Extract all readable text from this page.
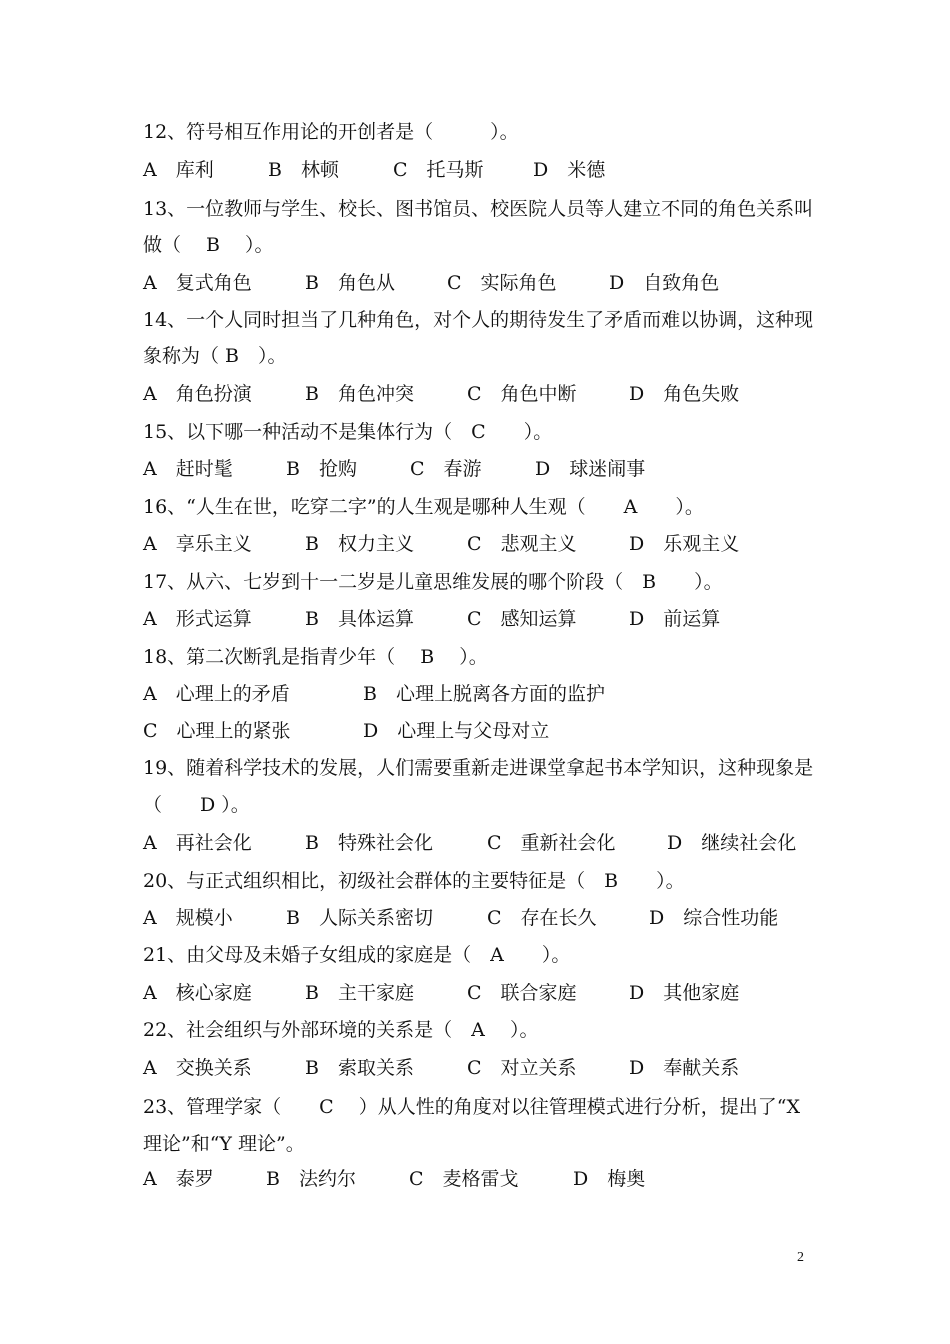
12、符号相互作用论的开创者是（　　　）。
A　库利	B　林顿	C　托马斯	D　米德
13、一位教师与学生、校长、图书馆员、校医院人员等人建立不同的角色关系叫
做（　 B 　）。
A　复式角色	B　角色从	C　实际角色	D　自致角色
14、一个人同时担当了几种角色，对个人的期待发生了矛盾而难以协调，这种现
象称为（ B　）。
A　角色扮演	B　角色冲突	C　角色中断	D　角色失败
15、以下哪一种活动不是集体行为（　C　　）。
A　赶时髦	B　抢购	C　春游	D　球迷闹事
16、“人生在世，吃穿二字”的人生观是哪种人生观（　　A　　）。
A　享乐主义	B　权力主义	C　悲观主义	D　乐观主义
17、从六、七岁到十一二岁是儿童思维发展的哪个阶段（　B　　）。
A　形式运算	B　具体运算	C　感知运算	D　前运算
18、第二次断乳是指青少年（　 B　 ）。
A　心理上的矛盾	B　心理上脱离各方面的监护
C　心理上的紧张	D　心理上与父母对立
19、随着科学技术的发展，人们需要重新走进课堂拿起书本学知识，这种现象是
（　　D ）。
A　再社会化	B　特殊社会化	C　重新社会化	D　继续社会化
20、与正式组织相比，初级社会群体的主要特征是（　B　　）。
A　规模小	B　人际关系密切	C　存在长久	D　综合性功能
21、由父母及未婚子女组成的家庭是（　A　　）。
A　核心家庭	B　主干家庭	C　联合家庭	D　其他家庭
22、社会组织与外部环境的关系是（　A　 ）。
A　交换关系	B　索取关系	C　对立关系	D　奉献关系
23、管理学家（　　C　 ）从人性的角度对以往管理模式进行分析，提出了“X
理论”和“Y 理论”。
A　泰罗	B　法约尔	C　麦格雷戈	D　梅奥
2
